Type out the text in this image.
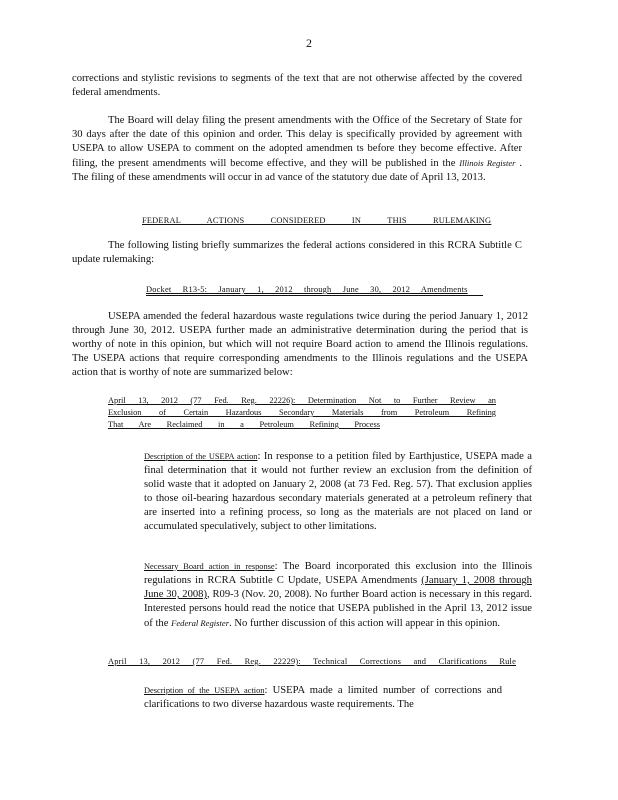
2

corrections and stylistic revisions to segments of the text that are not otherwise affected by the covered federal amendments.

The Board will delay filing the present amendments with the Office of the Secretary of State for 30 days after the date of this opinion and order. This delay is specifically provided by agreement with USEPA to allow USEPA to comment on the adopted amendmen ts before they become effective. After filing, the present amendments will become effective, and they will be published in the Illinois Register . The filing of these amendments will occur in ad vance of the statutory due date of April 13, 2013.

FEDERAL ACTIONS CONSIDERED IN THIS RULEMAKING

The following listing briefly summarizes the federal actions considered in this RCRA Subtitle C update rulemaking:

Docket R13-5: January 1, 2012 through June 30, 2012 Amendments

USEPA amended the federal hazardous waste regulations twice during the period January 1, 2012 through June 30, 2012. USEPA further made an administrative determination during the period that is worthy of note in this opinion, but which will not require Board action to amend the Illinois regulations. The USEPA actions that require corresponding amendments to the Illinois regulations and the USEPA action that is worthy of note are summarized below:

April 13, 2012 (77 Fed. Reg. 22226): Determination Not to Further Review an
Exclusion of Certain Hazardous Secondary Materials from Petroleum Refining
That Are Reclaimed in a Petroleum Refining Process

Description of the USEPA action: In response to a petition filed by Earthjustice, USEPA made a final determination that it would not further review an exclusion from the definition of solid waste that it adopted on January 2, 2008 (at 73 Fed. Reg. 57). That exclusion applies to those oil-bearing hazardous secondary materials generated at a petroleum refinery that are inserted into a refining process, so long as the materials are not placed on land or accumulated speculatively, subject to other limitations.

Necessary Board action in response: The Board incorporated this exclusion into the Illinois regulations in RCRA Subtitle C Update, USEPA Amendments (January 1, 2008 through June 30, 2008), R09-3 (Nov. 20, 2008). No further Board action is necessary in this regard. Interested persons hould read the notice that USEPA published in the April 13, 2012 issue of the Federal Register. No further discussion of this action will appear in this opinion.

April 13, 2012 (77 Fed. Reg. 22229): Technical Corrections and Clarifications Rule

Description of the USEPA action: USEPA made a limited number of corrections and clarifications to two diverse hazardous waste requirements. The
